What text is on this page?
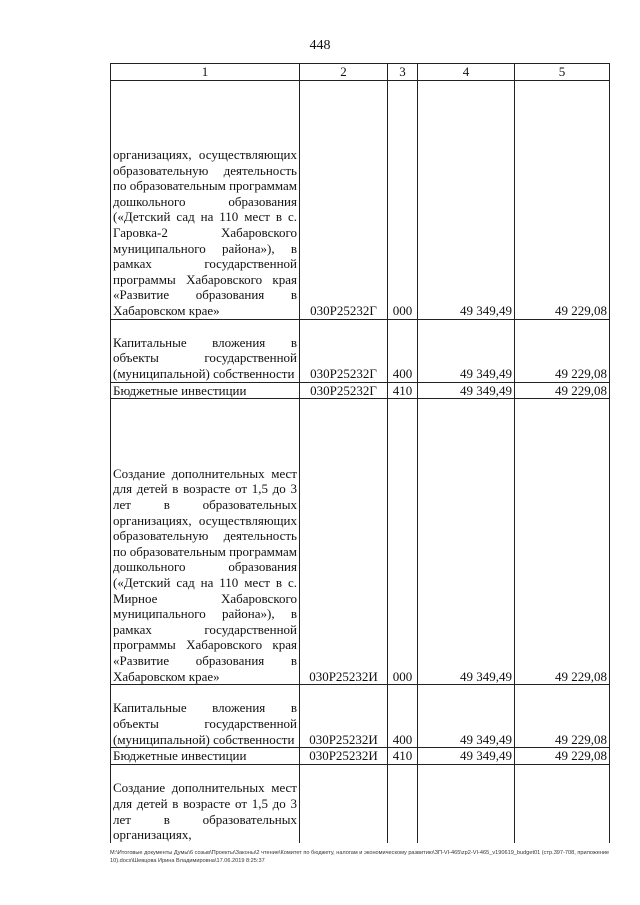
448
1	2	3	4	5
организациях, осуществляющих образовательную деятельность по образовательным программам дошкольного образования («Детский сад на 110 мест в с. Гаровка-2 Хабаровского муниципального района»), в рамках государственной программы Хабаровского края «Развитие образования в Хабаровском крае»	030P25232Г	000	49 349,49	49 229,08
Капитальные вложения в объекты государственной (муниципальной) собственности	030P25232Г	400	49 349,49	49 229,08
Бюджетные инвестиции	030P25232Г	410	49 349,49	49 229,08
Создание дополнительных мест для детей в возрасте от 1,5 до 3 лет в образовательных организациях, осуществляющих образовательную деятельность по образовательным программам дошкольного образования («Детский сад на 110 мест в с. Мирное Хабаровского муниципального района»), в рамках государственной программы Хабаровского края «Развитие образования в Хабаровском крае»	030P25232И	000	49 349,49	49 229,08
Капитальные вложения в объекты государственной (муниципальной) собственности	030P25232И	400	49 349,49	49 229,08
Бюджетные инвестиции	030P25232И	410	49 349,49	49 229,08
Создание дополнительных мест для детей в возрасте от 1,5 до 3 лет в образовательных организациях,				
M:\Итоговые документы Думы\6 созыв\Проекты\Законы\2 чтение\Комитет по бюджету, налогам и экономическому развитию\ЗП-VI-465\zp2-VI-465_v190619_budget01 (стр.397-708, приложение 10).docx\Шевцова Ирина Владимировна\17.06.2019 8:25:37
